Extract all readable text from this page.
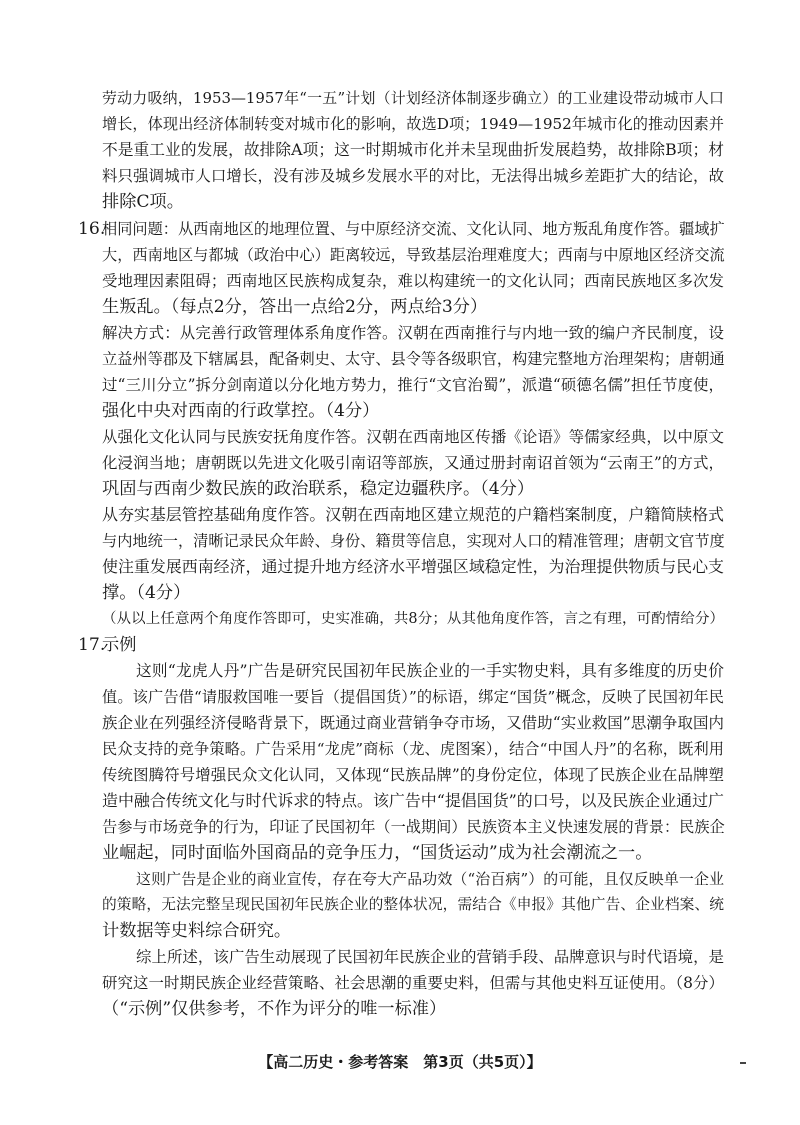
劳动力吸纳，1953—1957年“一五”计划（计划经济体制逐步确立）的工业建设带动城市人口
增长，体现出经济体制转变对城市化的影响，故选D项；1949—1952年城市化的推动因素并
不是重工业的发展，故排除A项；这一时期城市化并未呈现曲折发展趋势，故排除B项；材
料只强调城市人口增长，没有涉及城乡发展水平的对比，无法得出城乡差距扩大的结论，故
排除C项。
16.
相同问题：从西南地区的地理位置、与中原经济交流、文化认同、地方叛乱角度作答。疆域扩
大，西南地区与都城（政治中心）距离较远，导致基层治理难度大；西南与中原地区经济交流
受地理因素阻碍；西南地区民族构成复杂，难以构建统一的文化认同；西南民族地区多次发
生叛乱。（每点2分，答出一点给2分，两点给3分）
解决方式：从完善行政管理体系角度作答。汉朝在西南推行与内地一致的编户齐民制度，设
立益州等郡及下辖属县，配备刺史、太守、县令等各级职官，构建完整地方治理架构；唐朝通
过“三川分立”拆分剑南道以分化地方势力，推行“文官治蜀”，派遣“硕德名儒”担任节度使，
强化中央对西南的行政掌控。（4分）
从强化文化认同与民族安抚角度作答。汉朝在西南地区传播《论语》等儒家经典，以中原文
化浸润当地；唐朝既以先进文化吸引南诏等部族，又通过册封南诏首领为“云南王”的方式，
巩固与西南少数民族的政治联系，稳定边疆秩序。（4分）
从夯实基层管控基础角度作答。汉朝在西南地区建立规范的户籍档案制度，户籍简牍格式
与内地统一，清晰记录民众年龄、身份、籍贯等信息，实现对人口的精准管理；唐朝文官节度
使注重发展西南经济，通过提升地方经济水平增强区域稳定性，为治理提供物质与民心支
撑。（4分）
（从以上任意两个角度作答即可，史实准确，共8分；从其他角度作答，言之有理，可酌情给分）
17.
示例
这则“龙虎人丹”广告是研究民国初年民族企业的一手实物史料，具有多维度的历史价
值。该广告借“请服救国唯一要旨（提倡国货）”的标语，绑定“国货”概念，反映了民国初年民
族企业在列强经济侵略背景下，既通过商业营销争夺市场，又借助“实业救国”思潮争取国内
民众支持的竞争策略。广告采用“龙虎”商标（龙、虎图案），结合“中国人丹”的名称，既利用
传统图腾符号增强民众文化认同，又体现“民族品牌”的身份定位，体现了民族企业在品牌塑
造中融合传统文化与时代诉求的特点。该广告中“提倡国货”的口号，以及民族企业通过广
告参与市场竞争的行为，印证了民国初年（一战期间）民族资本主义快速发展的背景：民族企
业崛起，同时面临外国商品的竞争压力，“国货运动”成为社会潮流之一。
这则广告是企业的商业宣传，存在夸大产品功效（“治百病”）的可能，且仅反映单一企业
的策略，无法完整呈现民国初年民族企业的整体状况，需结合《申报》其他广告、企业档案、统
计数据等史料综合研究。
综上所述，该广告生动展现了民国初年民族企业的营销手段、品牌意识与时代语境，是
研究这一时期民族企业经营策略、社会思潮的重要史料，但需与其他史料互证使用。（8分）
（“示例”仅供参考，不作为评分的唯一标准）
【高二历史・参考答案　第3页（共5页）】
